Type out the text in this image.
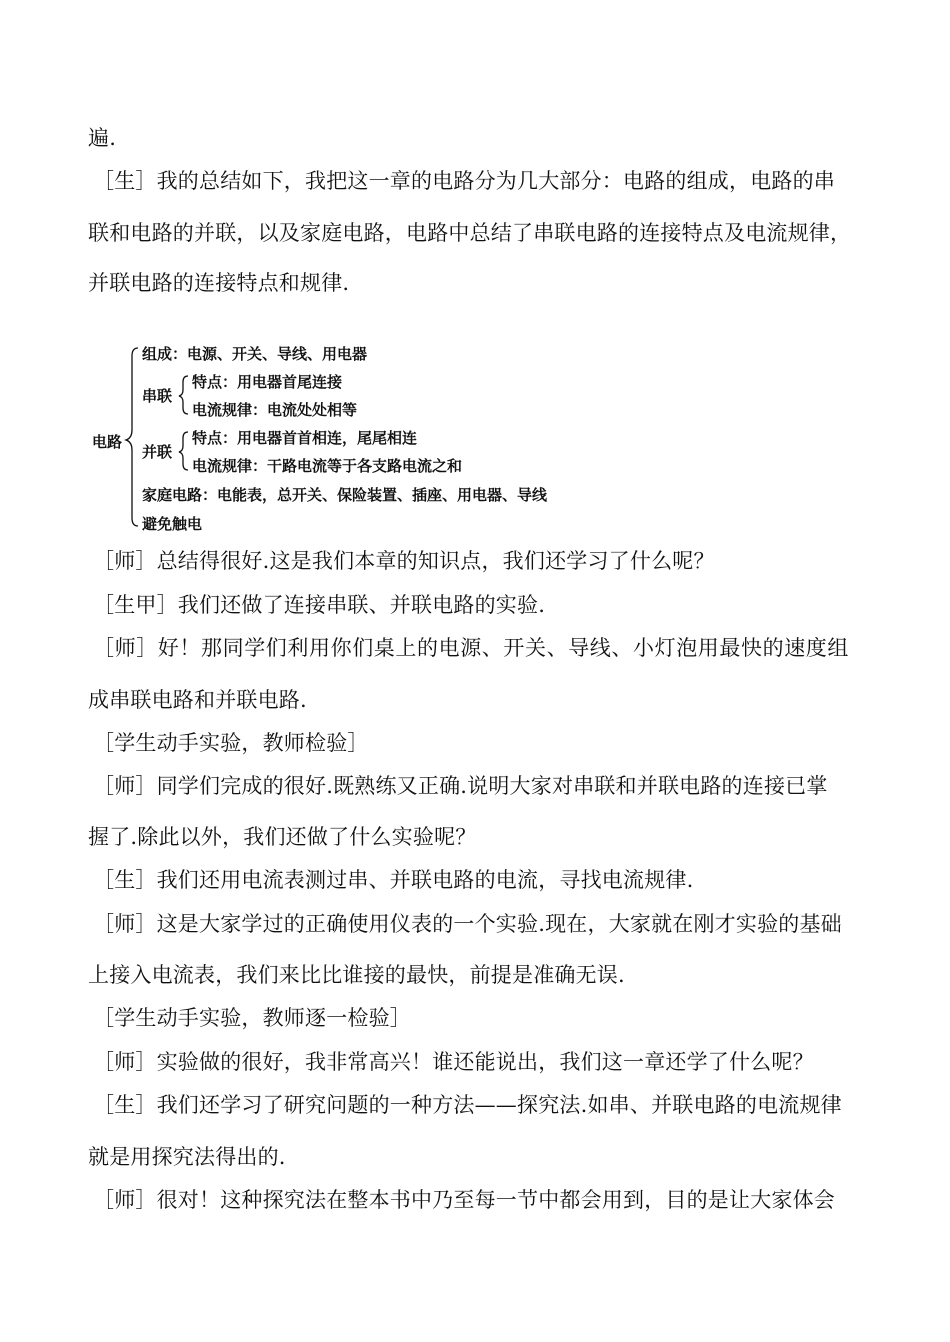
遍.
［生］我的总结如下，我把这一章的电路分为几大部分：电路的组成，电路的串
联和电路的并联，以及家庭电路，电路中总结了串联电路的连接特点及电流规律，
并联电路的连接特点和规律.
电路
组成：电源、开关、导线、用电器
串联
特点：用电器首尾连接
电流规律：电流处处相等
并联
特点：用电器首首相连，尾尾相连
电流规律：干路电流等于各支路电流之和
家庭电路：电能表，总开关、保险装置、插座、用电器、导线
避免触电
［师］总结得很好.这是我们本章的知识点，我们还学习了什么呢？
［生甲］我们还做了连接串联、并联电路的实验.
［师］好！那同学们利用你们桌上的电源、开关、导线、小灯泡用最快的速度组
成串联电路和并联电路.
［学生动手实验，教师检验］
［师］同学们完成的很好.既熟练又正确.说明大家对串联和并联电路的连接已掌
握了.除此以外，我们还做了什么实验呢？
［生］我们还用电流表测过串、并联电路的电流，寻找电流规律.
［师］这是大家学过的正确使用仪表的一个实验.现在，大家就在刚才实验的基础
上接入电流表，我们来比比谁接的最快，前提是准确无误.
［学生动手实验，教师逐一检验］
［师］实验做的很好，我非常高兴！谁还能说出，我们这一章还学了什么呢？
［生］我们还学习了研究问题的一种方法——探究法.如串、并联电路的电流规律
就是用探究法得出的.
［师］很对！这种探究法在整本书中乃至每一节中都会用到，目的是让大家体会
